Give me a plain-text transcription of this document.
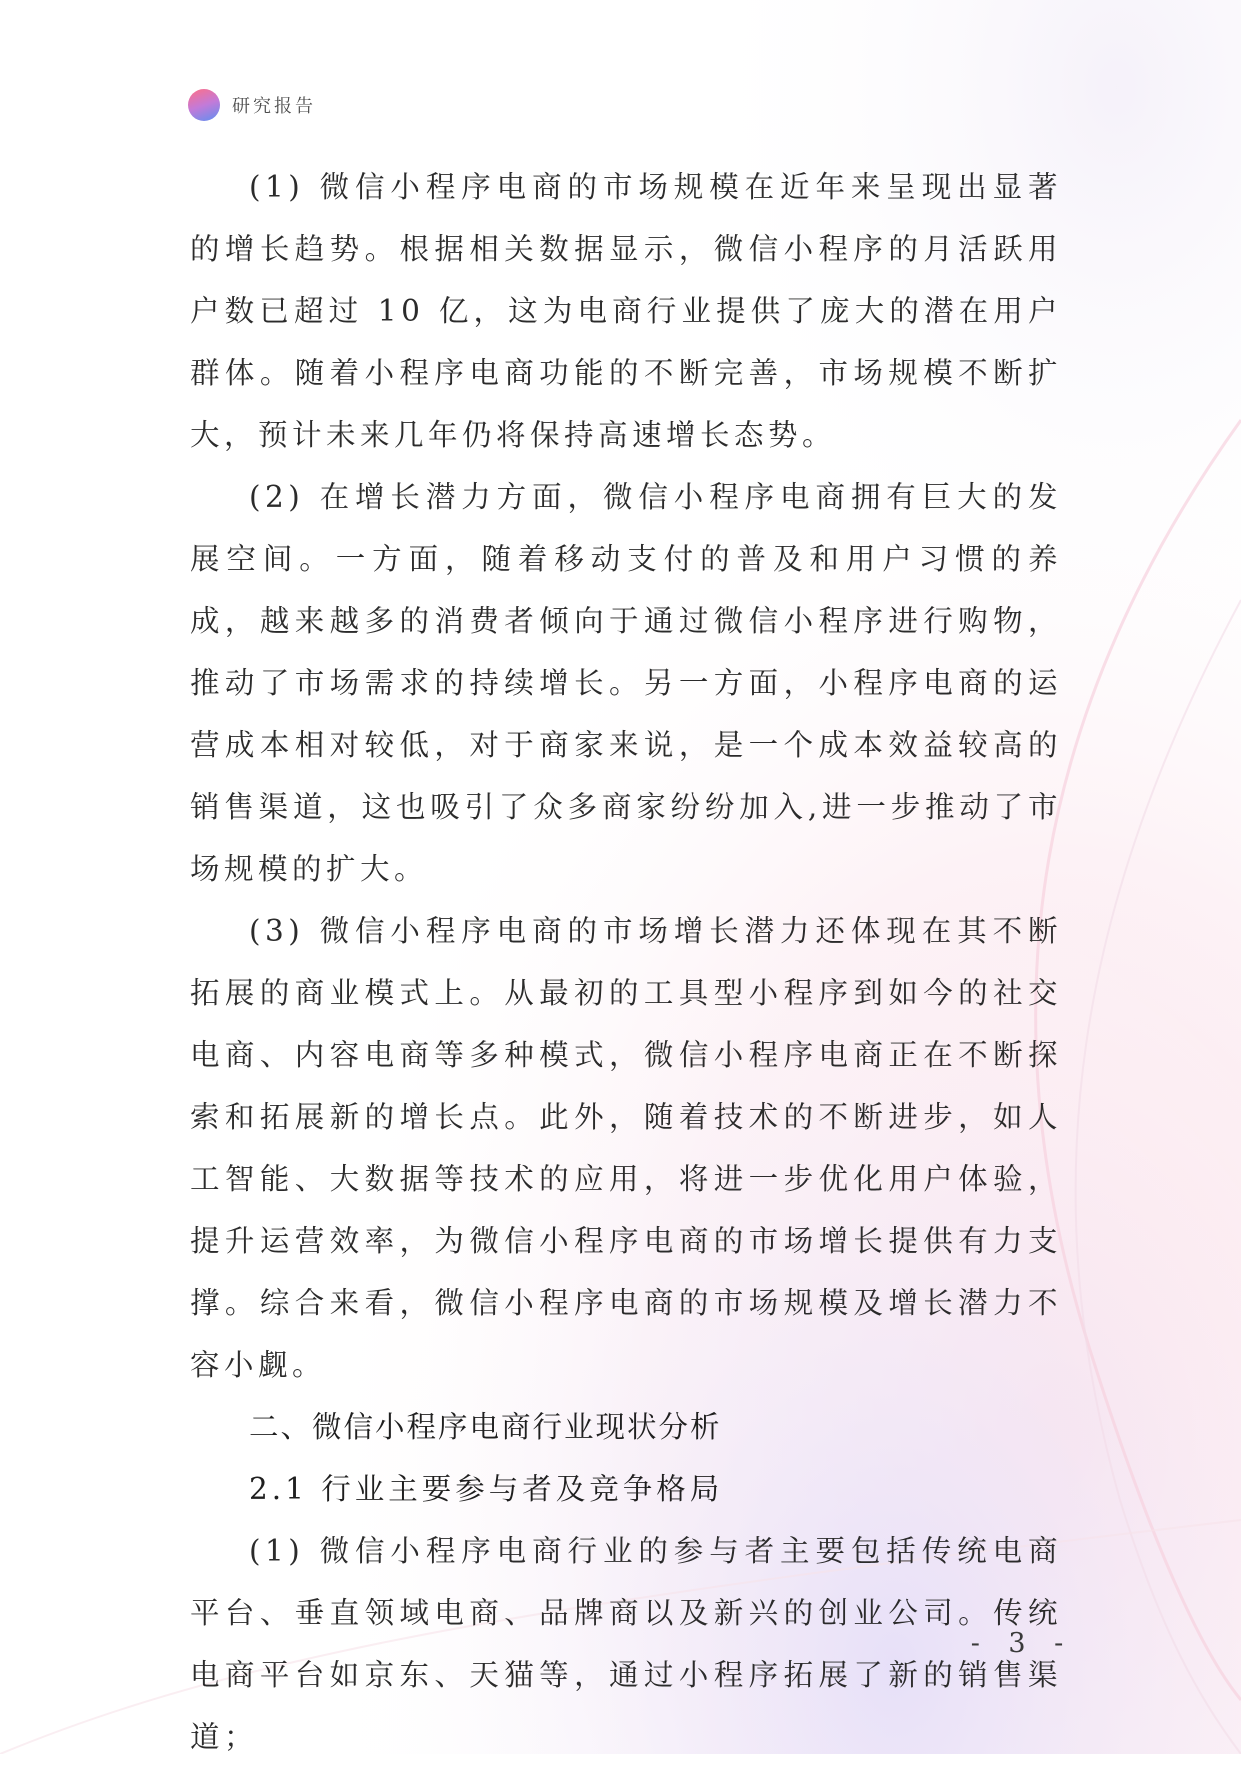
研究报告

(1) 微信小程序电商的市场规模在近年来呈现出显著的增长趋势。根据相关数据显示，微信小程序的月活跃用户数已超过 10 亿，这为电商行业提供了庞大的潜在用户群体。随着小程序电商功能的不断完善，市场规模不断扩大，预计未来几年仍将保持高速增长态势。

(2) 在增长潜力方面，微信小程序电商拥有巨大的发展空间。一方面，随着移动支付的普及和用户习惯的养成，越来越多的消费者倾向于通过微信小程序进行购物，推动了市场需求的持续增长。另一方面，小程序电商的运营成本相对较低，对于商家来说，是一个成本效益较高的销售渠道，这也吸引了众多商家纷纷加入,进一步推动了市场规模的扩大。

(3) 微信小程序电商的市场增长潜力还体现在其不断拓展的商业模式上。从最初的工具型小程序到如今的社交电商、内容电商等多种模式，微信小程序电商正在不断探索和拓展新的增长点。此外，随着技术的不断进步，如人工智能、大数据等技术的应用，将进一步优化用户体验，提升运营效率，为微信小程序电商的市场增长提供有力支撑。综合来看，微信小程序电商的市场规模及增长潜力不容小觑。

二、微信小程序电商行业现状分析

2.1 行业主要参与者及竞争格局

(1) 微信小程序电商行业的参与者主要包括传统电商平台、垂直领域电商、品牌商以及新兴的创业公司。传统电商平台如京东、天猫等，通过小程序拓展了新的销售渠道；

- 3 -
